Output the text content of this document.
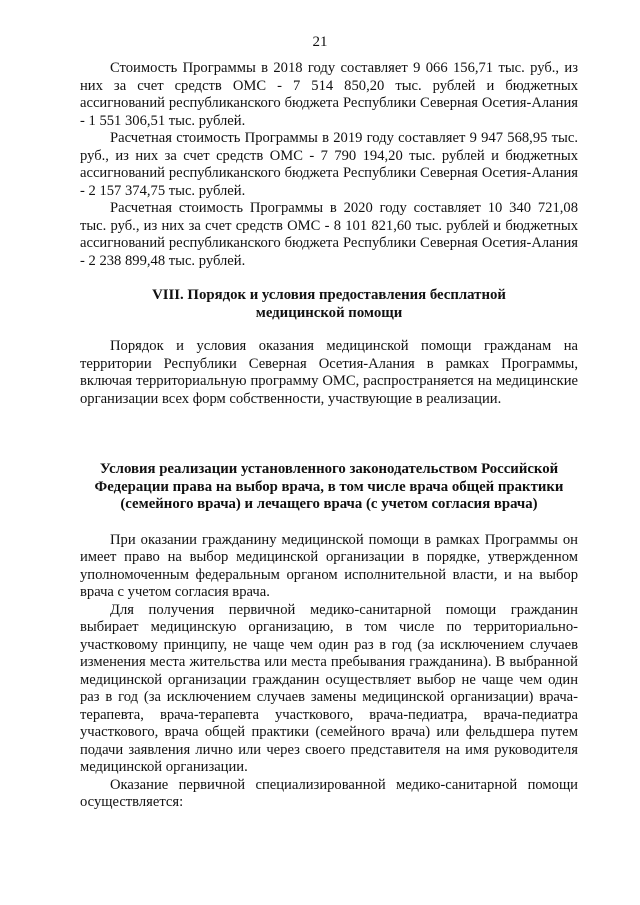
21

Стоимость Программы в 2018 году составляет 9 066 156,71 тыс. руб., из них за счет средств ОМС - 7 514 850,20 тыс. рублей и бюджетных ассигнований республиканского бюджета Республики Северная Осетия-Алания - 1 551 306,51 тыс. рублей.

Расчетная стоимость Программы в 2019 году составляет 9 947 568,95 тыс. руб., из них за счет средств ОМС - 7 790 194,20 тыс. рублей и бюджетных ассигнований республиканского бюджета Республики Северная Осетия-Алания - 2 157 374,75 тыс. рублей.

Расчетная стоимость Программы в 2020 году составляет 10 340 721,08 тыс. руб., из них за счет средств ОМС - 8 101 821,60 тыс. рублей и бюджетных ассигнований республиканского бюджета Республики Северная Осетия-Алания - 2 238 899,48 тыс. рублей.

VIII. Порядок и условия предоставления бесплатной
медицинской помощи

Порядок и условия оказания медицинской помощи гражданам на территории Республики Северная Осетия-Алания в рамках Программы, включая территориальную программу ОМС, распространяется на медицинские организации всех форм собственности, участвующие в реализации.

Условия реализации установленного законодательством Российской
Федерации права на выбор врача, в том числе врача общей практики
(семейного врача) и лечащего врача (с учетом согласия врача)

При оказании гражданину медицинской помощи в рамках Программы он имеет право на выбор медицинской организации в порядке, утвержденном уполномоченным федеральным органом исполнительной власти, и на выбор врача с учетом согласия врача.

Для получения первичной медико-санитарной помощи гражданин выбирает медицинскую организацию, в том числе по территориально-участковому принципу, не чаще чем один раз в год (за исключением случаев изменения места жительства или места пребывания гражданина). В выбранной медицинской организации гражданин осуществляет выбор не чаще чем один раз в год (за исключением случаев замены медицинской организации) врача-терапевта, врача-терапевта участкового, врача-педиатра, врача-педиатра участкового, врача общей практики (семейного врача) или фельдшера путем подачи заявления лично или через своего представителя на имя руководителя медицинской организации.

Оказание первичной специализированной медико-санитарной помощи осуществляется:
